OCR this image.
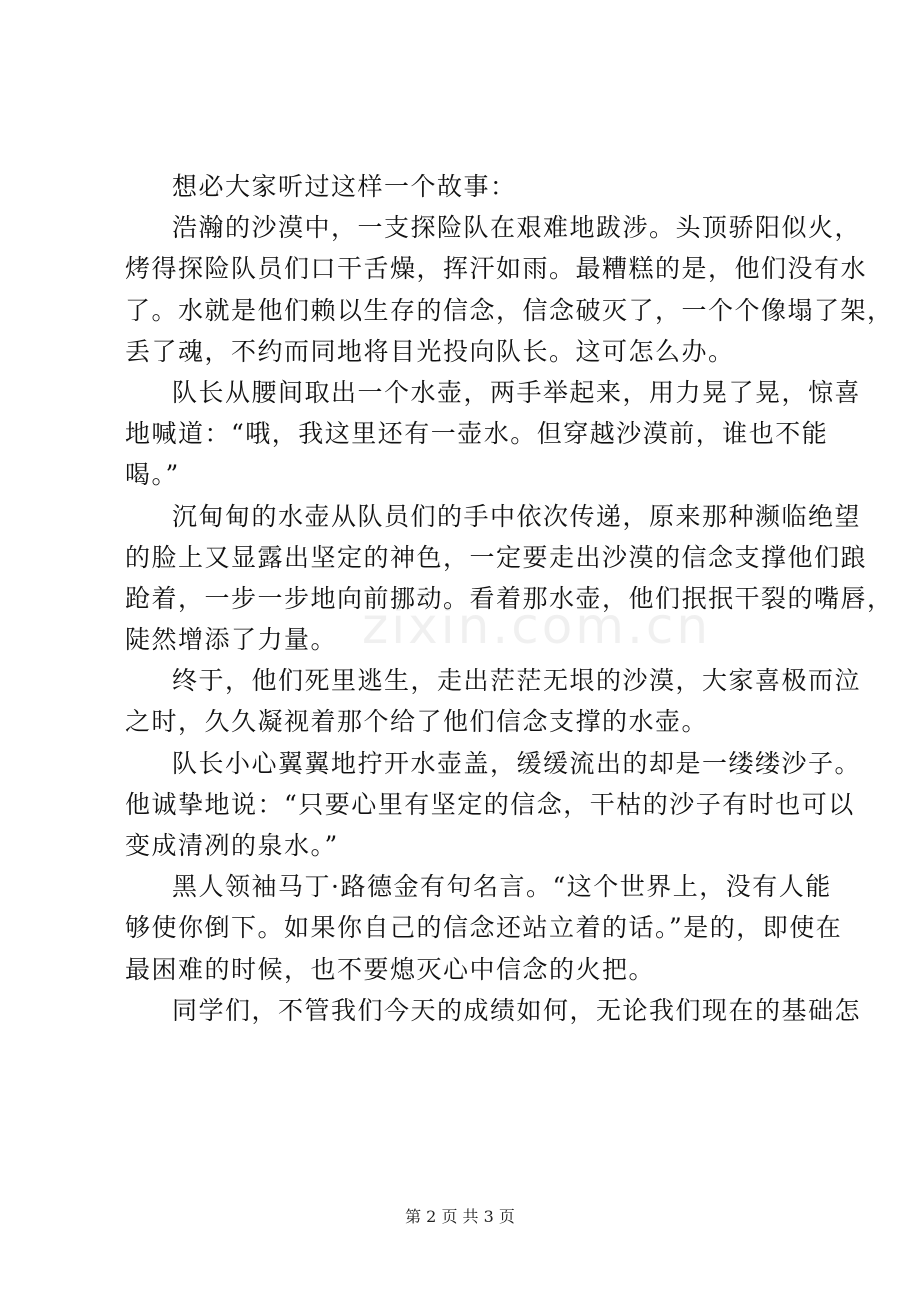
想必大家听过这样一个故事：
浩瀚的沙漠中，一支探险队在艰难地跋涉。头顶骄阳似火，
烤得探险队员们口干舌燥，挥汗如雨。最糟糕的是，他们没有水
了。水就是他们赖以生存的信念，信念破灭了，一个个像塌了架，
丢了魂，不约而同地将目光投向队长。这可怎么办。
队长从腰间取出一个水壶，两手举起来，用力晃了晃，惊喜
地喊道：“哦，我这里还有一壶水。但穿越沙漠前，谁也不能
喝。”
沉甸甸的水壶从队员们的手中依次传递，原来那种濒临绝望
的脸上又显露出坚定的神色，一定要走出沙漠的信念支撑他们踉
跄着，一步一步地向前挪动。看着那水壶，他们抿抿干裂的嘴唇，
陡然增添了力量。
终于，他们死里逃生，走出茫茫无垠的沙漠，大家喜极而泣
之时，久久凝视着那个给了他们信念支撑的水壶。
队长小心翼翼地拧开水壶盖，缓缓流出的却是一缕缕沙子。
他诚挚地说：“只要心里有坚定的信念，干枯的沙子有时也可以
变成清冽的泉水。”
黑人领袖马丁·路德金有句名言。“这个世界上，没有人能
够使你倒下。如果你自己的信念还站立着的话。”是的，即使在
最困难的时候，也不要熄灭心中信念的火把。
同学们，不管我们今天的成绩如何，无论我们现在的基础怎
zixin.com.cn
第 2 页 共 3 页
